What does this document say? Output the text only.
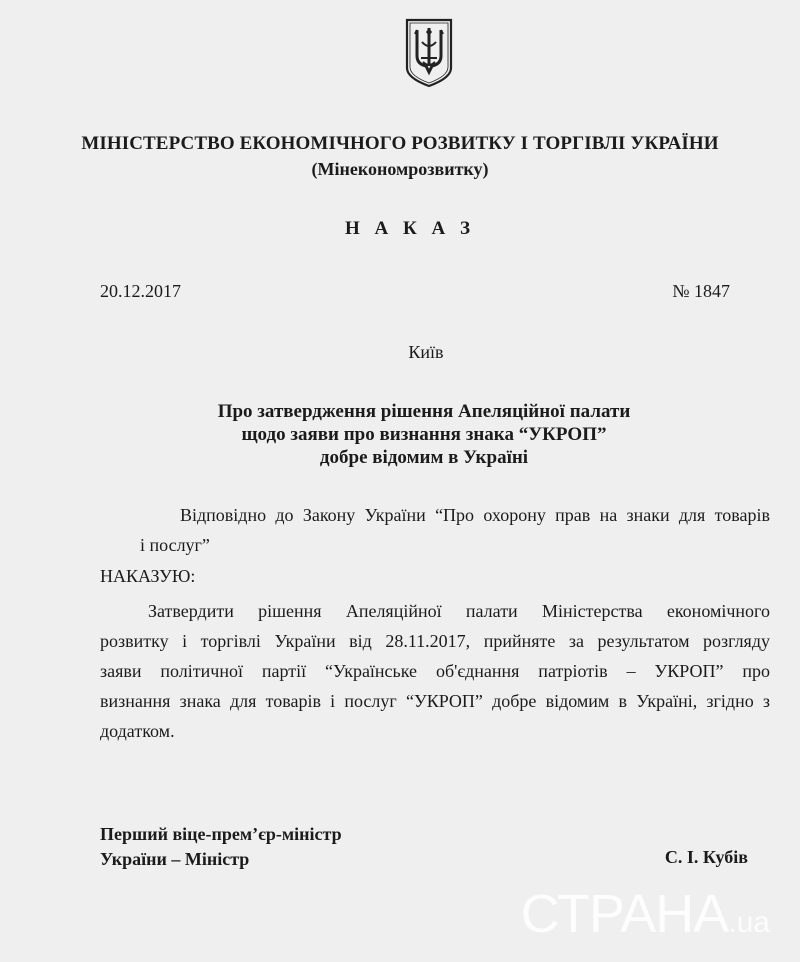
МІНІСТЕРСТВО ЕКОНОМІЧНОГО РОЗВИТКУ І ТОРГІВЛІ УКРАЇНИ
(Мінекономрозвитку)
Н А К А З
20.12.2017	№ 1847
Київ
Про затвердження рішення Апеляційної палати
щодо заяви про визнання знака “УКРОП”
добре відомим в Україні
Відповідно до Закону України “Про охорону прав на знаки для товарів
і послуг”
НАКАЗУЮ:
Затвердити рішення Апеляційної палати Міністерства економічного
розвитку і торгівлі України від 28.11.2017, прийняте за результатом розгляду
заяви політичної партії “Українське об'єднання патріотів – УКРОП” про
визнання знака для товарів і послуг “УКРОП” добре відомим в Україні, згідно з
додатком.
Перший віце-прем’єр-міністр
України – Міністр	С. І. Кубів
СТРАНА.ua
